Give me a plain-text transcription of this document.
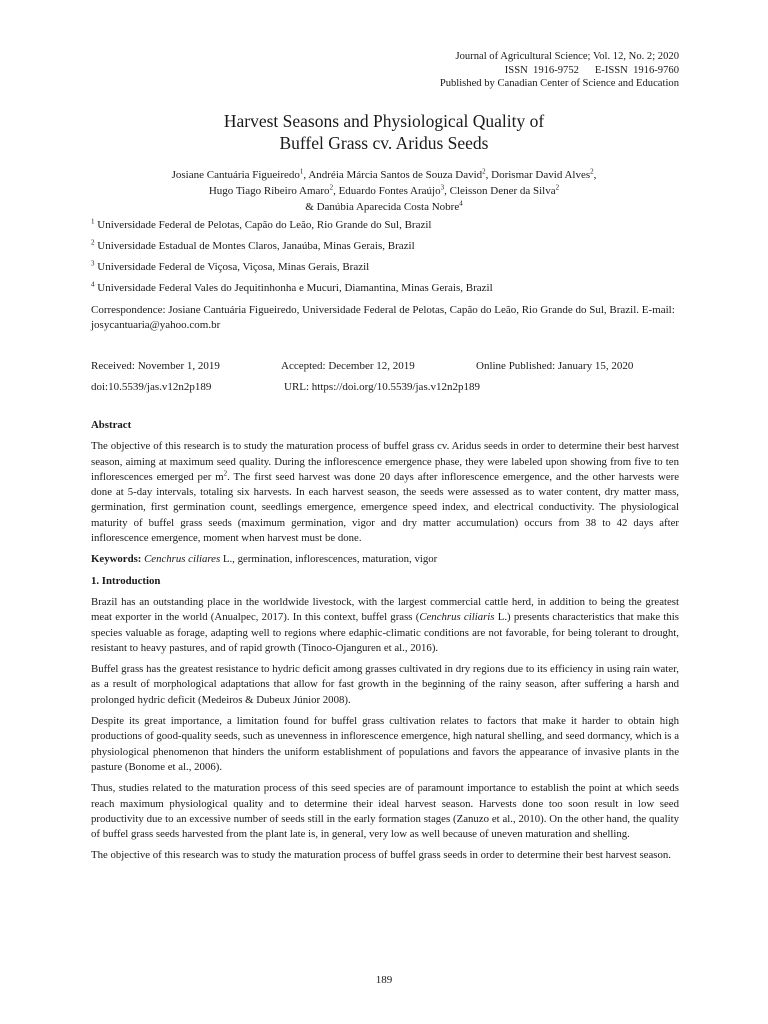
Journal of Agricultural Science; Vol. 12, No. 2; 2020
ISSN  1916-9752      E-ISSN  1916-9760
Published by Canadian Center of Science and Education
Harvest Seasons and Physiological Quality of
Buffel Grass cv. Aridus Seeds
Josiane Cantuária Figueiredo$^1$, Andréia Márcia Santos de Souza David$^2$, Dorismar David Alves$^2$,
Hugo Tiago Ribeiro Amaro$^2$, Eduardo Fontes Araújo$^3$, Cleisson Dener da Silva$^2$
& Danúbia Aparecida Costa Nobre$^4$
$^1$ Universidade Federal de Pelotas, Capão do Leão, Rio Grande do Sul, Brazil
$^2$ Universidade Estadual de Montes Claros, Janaúba, Minas Gerais, Brazil
$^3$ Universidade Federal de Viçosa, Viçosa, Minas Gerais, Brazil
$^4$ Universidade Federal Vales do Jequitinhonha e Mucuri, Diamantina, Minas Gerais, Brazil
Correspondence: Josiane Cantuária Figueiredo, Universidade Federal de Pelotas, Capão do Leão, Rio Grande do Sul, Brazil. E-mail: josycantuaria@yahoo.com.br
Received: November 1, 2019	Accepted: December 12, 2019	Online Published: January 15, 2020
doi:10.5539/jas.v12n2p189	URL: https://doi.org/10.5539/jas.v12n2p189
Abstract
The objective of this research is to study the maturation process of buffel grass cv. Aridus seeds in order to determine their best harvest season, aiming at maximum seed quality. During the inflorescence emergence phase, they were labeled upon showing from five to ten inflorescences emerged per $m^2$. The first seed harvest was done 20 days after inflorescence emergence, and the other harvests were done at 5-day intervals, totaling six harvests. In each harvest season, the seeds were assessed as to water content, dry matter mass, germination, first germination count, seedlings emergence, emergence speed index, and electrical conductivity. The physiological maturity of buffel grass seeds (maximum germination, vigor and dry matter accumulation) occurs from 38 to 42 days after inflorescence emergence, moment when harvest must be done.
Keywords: Cenchrus ciliares L., germination, inflorescences, maturation, vigor
1. Introduction
Brazil has an outstanding place in the worldwide livestock, with the largest commercial cattle herd, in addition to being the greatest meat exporter in the world (Anualpec, 2017). In this context, buffel grass (Cenchrus ciliaris L.) presents characteristics that make this species valuable as forage, adapting well to regions where edaphic-climatic conditions are not favorable, for being tolerant to drought, resistant to heavy pastures, and of rapid growth (Tinoco-Ojanguren et al., 2016).
Buffel grass has the greatest resistance to hydric deficit among grasses cultivated in dry regions due to its efficiency in using rain water, as a result of morphological adaptations that allow for fast growth in the beginning of the rainy season, after suffering a harsh and prolonged hydric deficit (Medeiros & Dubeux Júnior 2008).
Despite its great importance, a limitation found for buffel grass cultivation relates to factors that make it harder to obtain high productions of good-quality seeds, such as unevenness in inflorescence emergence, high natural shelling, and seed dormancy, which is a physiological phenomenon that hinders the uniform establishment of populations and favors the appearance of invasive plants in the pasture (Bonome et al., 2006).
Thus, studies related to the maturation process of this seed species are of paramount importance to establish the point at which seeds reach maximum physiological quality and to determine their ideal harvest season. Harvests done too soon result in low seed productivity due to an excessive number of seeds still in the early formation stages (Zanuzo et al., 2010). On the other hand, the quality of buffel grass seeds harvested from the plant late is, in general, very low as well because of uneven maturation and shelling.
The objective of this research was to study the maturation process of buffel grass seeds in order to determine their best harvest season.
189
